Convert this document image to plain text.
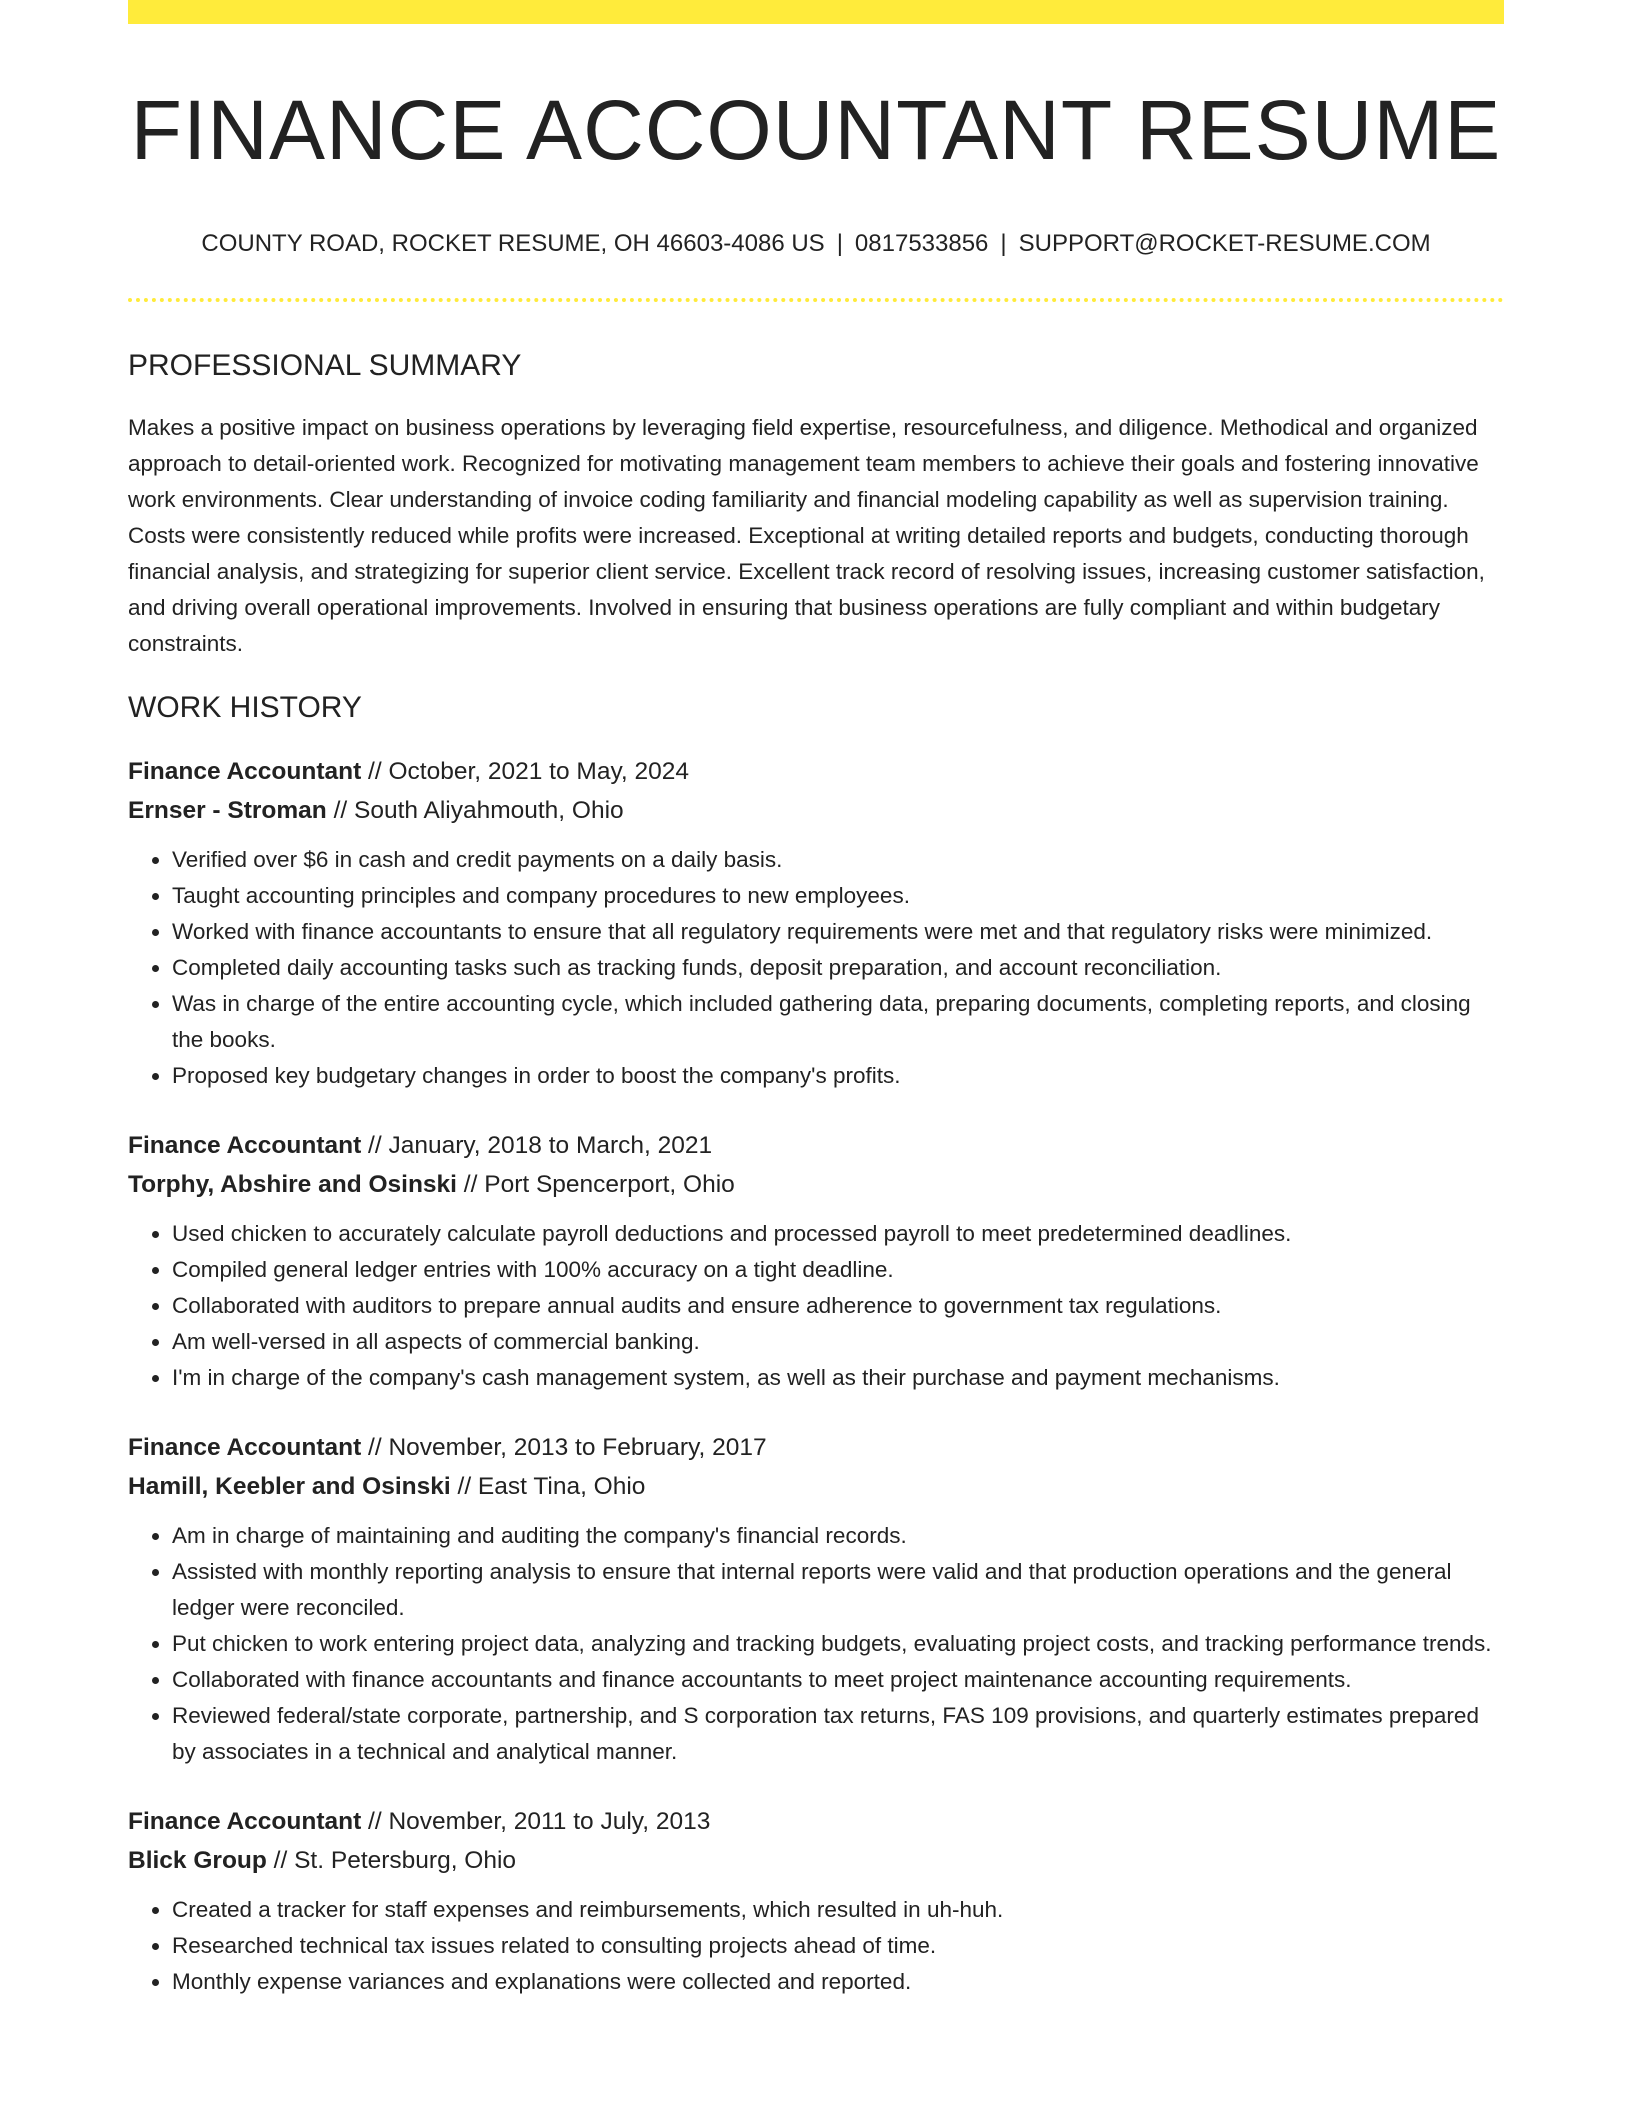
FINANCE ACCOUNTANT RESUME
COUNTY ROAD, ROCKET RESUME, OH 46603-4086 US | 0817533856 | SUPPORT@ROCKET-RESUME.COM
PROFESSIONAL SUMMARY

Makes a positive impact on business operations by leveraging field expertise, resourcefulness, and diligence. Methodical and organized approach to detail-oriented work. Recognized for motivating management team members to achieve their goals and fostering innovative work environments. Clear understanding of invoice coding familiarity and financial modeling capability as well as supervision training. Costs were consistently reduced while profits were increased. Exceptional at writing detailed reports and budgets, conducting thorough financial analysis, and strategizing for superior client service. Excellent track record of resolving issues, increasing customer satisfaction, and driving overall operational improvements. Involved in ensuring that business operations are fully compliant and within budgetary constraints.

WORK HISTORY
Finance Accountant // October, 2021 to May, 2024
Ernser - Stroman // South Aliyahmouth, Ohio
• Verified over $6 in cash and credit payments on a daily basis.
• Taught accounting principles and company procedures to new employees.
• Worked with finance accountants to ensure that all regulatory requirements were met and that regulatory risks were minimized.
• Completed daily accounting tasks such as tracking funds, deposit preparation, and account reconciliation.
• Was in charge of the entire accounting cycle, which included gathering data, preparing documents, completing reports, and closing the books.
• Proposed key budgetary changes in order to boost the company's profits.
Finance Accountant // January, 2018 to March, 2021
Torphy, Abshire and Osinski // Port Spencerport, Ohio
• Used chicken to accurately calculate payroll deductions and processed payroll to meet predetermined deadlines.
• Compiled general ledger entries with 100% accuracy on a tight deadline.
• Collaborated with auditors to prepare annual audits and ensure adherence to government tax regulations.
• Am well-versed in all aspects of commercial banking.
• I'm in charge of the company's cash management system, as well as their purchase and payment mechanisms.
Finance Accountant // November, 2013 to February, 2017
Hamill, Keebler and Osinski // East Tina, Ohio
• Am in charge of maintaining and auditing the company's financial records.
• Assisted with monthly reporting analysis to ensure that internal reports were valid and that production operations and the general ledger were reconciled.
• Put chicken to work entering project data, analyzing and tracking budgets, evaluating project costs, and tracking performance trends.
• Collaborated with finance accountants and finance accountants to meet project maintenance accounting requirements.
• Reviewed federal/state corporate, partnership, and S corporation tax returns, FAS 109 provisions, and quarterly estimates prepared by associates in a technical and analytical manner.
Finance Accountant // November, 2011 to July, 2013
Blick Group // St. Petersburg, Ohio
• Created a tracker for staff expenses and reimbursements, which resulted in uh-huh.
• Researched technical tax issues related to consulting projects ahead of time.
• Monthly expense variances and explanations were collected and reported.
